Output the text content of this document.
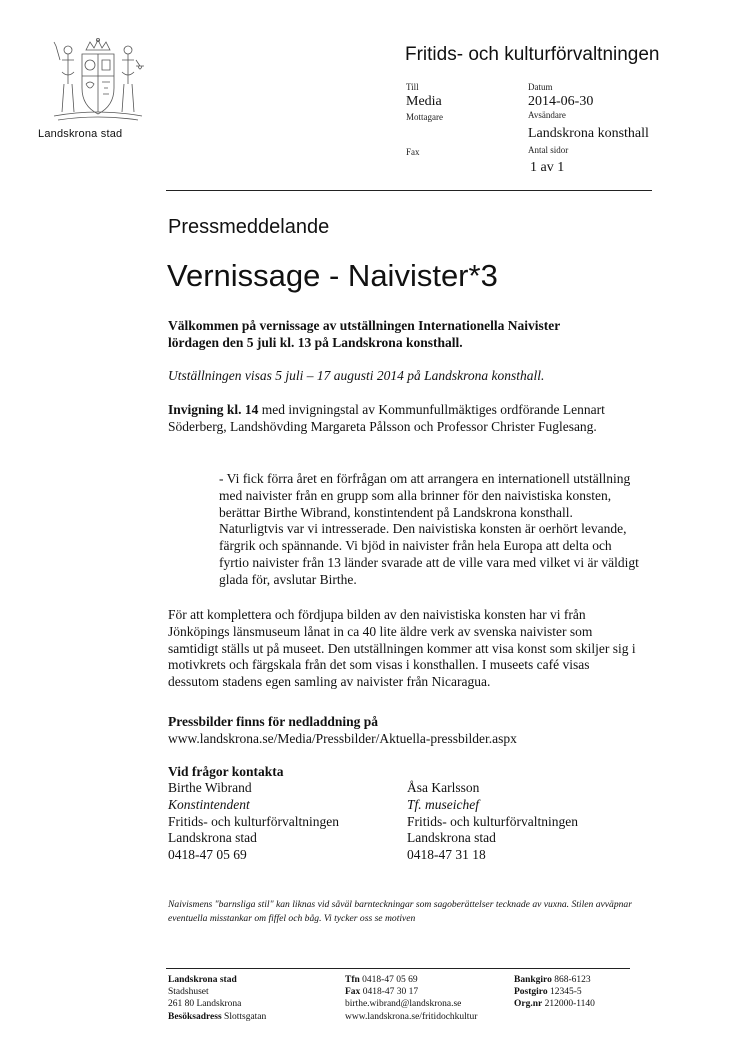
Landskrona stad
Fritids- och kulturförvaltningen
Till
Media
Mottagare
Fax
Datum
2014-06-30
Avsändare
Landskrona konsthall
Antal sidor
1 av 1
Pressmeddelande
Vernissage - Naivister*3
Välkommen på vernissage av utställningen Internationella Naivister
lördagen den 5 juli kl. 13 på Landskrona konsthall.
Utställningen visas 5 juli – 17 augusti 2014 på Landskrona konsthall.
Invigning kl. 14 med invigningstal av Kommunfullmäktiges ordförande Lennart Söderberg, Landshövding Margareta Pålsson och Professor Christer Fuglesang.
- Vi fick förra året en förfrågan om att arrangera en internationell utställning med naivister från en grupp som alla brinner för den naivistiska konsten, berättar Birthe Wibrand, konstintendent på Landskrona konsthall. Naturligtvis var vi intresserade. Den naivistiska konsten är oerhört levande, färgrik och spännande. Vi bjöd in naivister från hela Europa att delta och fyrtio naivister från 13 länder svarade att de ville vara med vilket vi är väldigt glada för, avslutar Birthe.
För att komplettera och fördjupa bilden av den naivistiska konsten har vi från Jönköpings länsmuseum lånat in ca 40 lite äldre verk av svenska naivister som samtidigt ställs ut på museet. Den utställningen kommer att visa konst som skiljer sig i motivkrets och färgskala från det som visas i konsthallen. I museets café visas dessutom stadens egen samling av naivister från Nicaragua.
Pressbilder finns för nedladdning på
www.landskrona.se/Media/Pressbilder/Aktuella-pressbilder.aspx
Vid frågor kontakta
Birthe Wibrand
Konstintendent
Fritids- och kulturförvaltningen
Landskrona stad
0418-47 05 69
Åsa Karlsson
Tf. museichef
Fritids- och kulturförvaltningen
Landskrona stad
0418-47 31 18
Naivismens "barnsliga stil" kan liknas vid såväl barnteckningar som sagoberättelser tecknade av vuxna. Stilen avväpnar eventuella misstankar om fiffel och båg. Vi tycker oss se motiven
Landskrona stad
Stadshuset
261 80 Landskrona
Besöksadress Slottsgatan
Tfn 0418-47 05 69
Fax 0418-47 30 17
birthe.wibrand@landskrona.se
www.landskrona.se/fritidochkultur
Bankgiro 868-6123
Postgiro 12345-5
Org.nr 212000-1140
